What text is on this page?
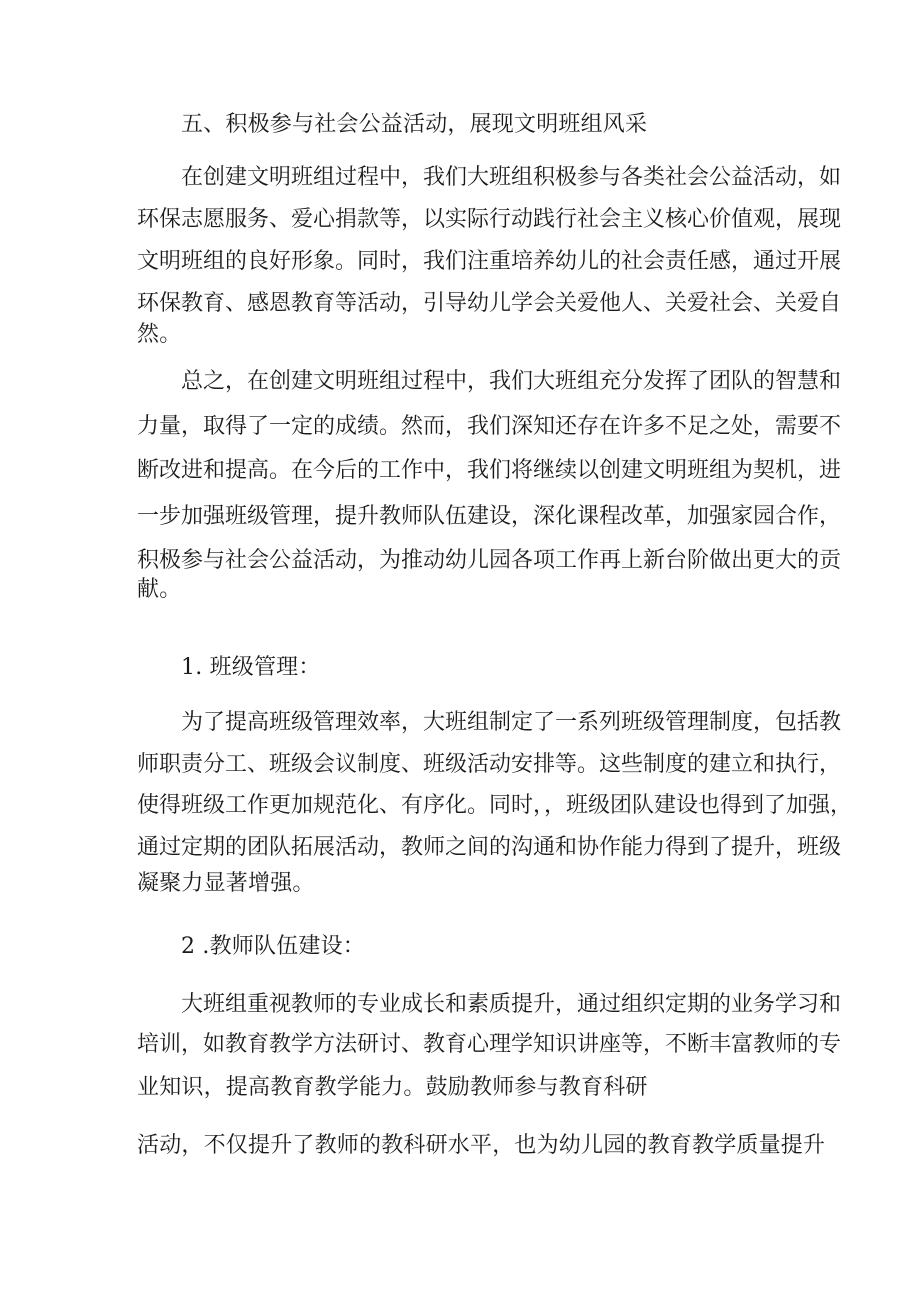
五、积极参与社会公益活动，展现文明班组风采
在创建文明班组过程中，我们大班组积极参与各类社会公益活动，如
环保志愿服务、爱心捐款等，以实际行动践行社会主义核心价值观，展现
文明班组的良好形象。同时，我们注重培养幼儿的社会责任感，通过开展
环保教育、感恩教育等活动，引导幼儿学会关爱他人、关爱社会、关爱自
然。
总之，在创建文明班组过程中，我们大班组充分发挥了团队的智慧和
力量，取得了一定的成绩。然而，我们深知还存在许多不足之处，需要不
断改进和提高。在今后的工作中，我们将继续以创建文明班组为契机，进
一步加强班级管理，提升教师队伍建设，深化课程改革，加强家园合作，
积极参与社会公益活动，为推动幼儿园各项工作再上新台阶做出更大的贡
献。
1. 班级管理：
为了提高班级管理效率，大班组制定了一系列班级管理制度，包括教
师职责分工、班级会议制度、班级活动安排等。这些制度的建立和执行，
使得班级工作更加规范化、有序化。同时，，班级团队建设也得到了加强，
通过定期的团队拓展活动，教师之间的沟通和协作能力得到了提升，班级
凝聚力显著增强。
2 .教师队伍建设：
大班组重视教师的专业成长和素质提升，通过组织定期的业务学习和
培训，如教育教学方法研讨、教育心理学知识讲座等，不断丰富教师的专
业知识，提高教育教学能力。鼓励教师参与教育科研
活动，不仅提升了教师的教科研水平，也为幼儿园的教育教学质量提升
